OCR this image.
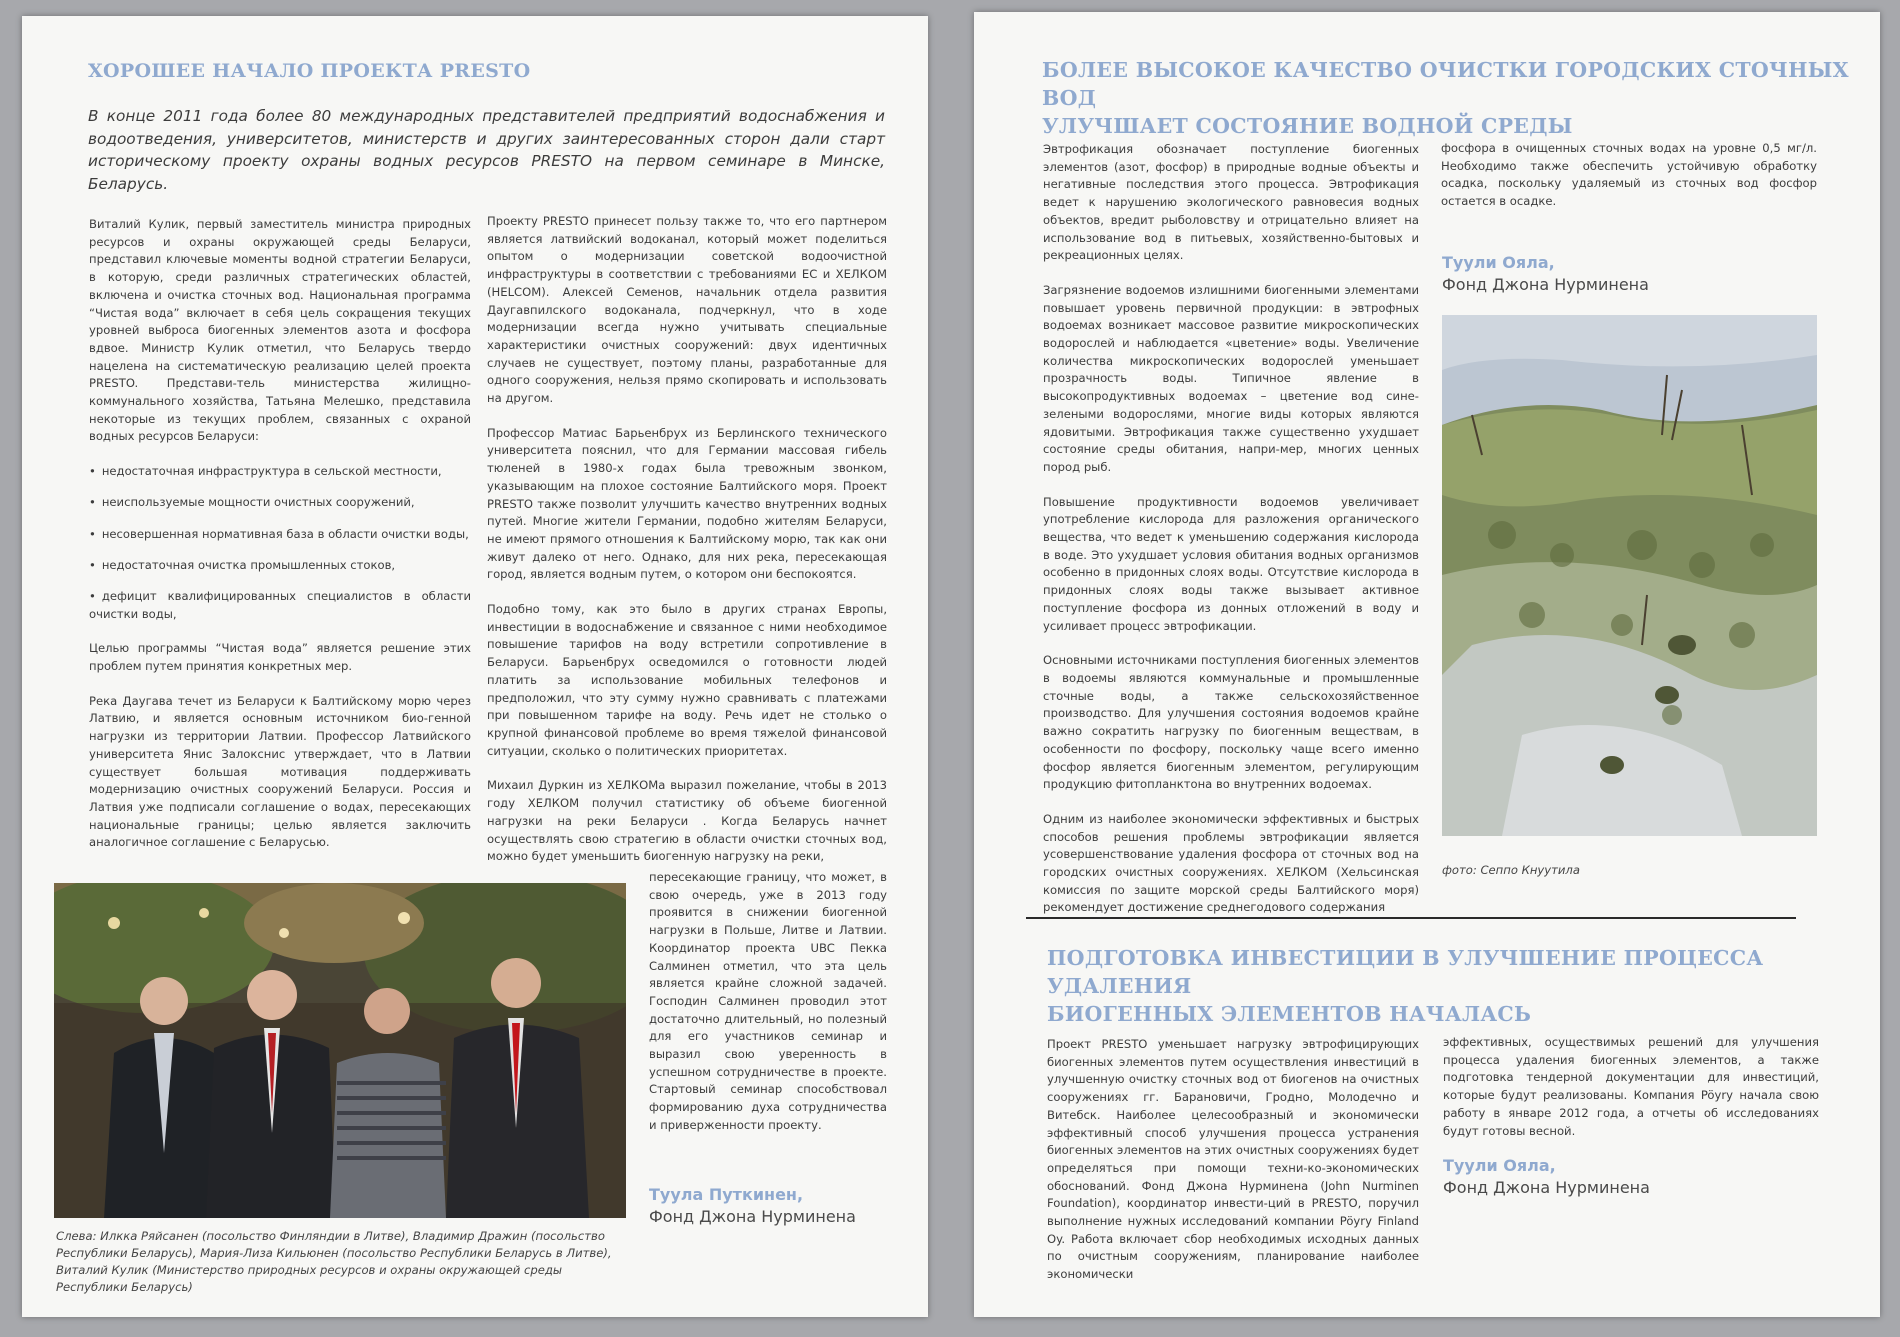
ХОРОШЕЕ НАЧАЛО ПРОЕКТА PRESTO
В конце 2011 года более 80 международных представителей предприятий водоснабжения и водоотведения, университетов, министерств и других заинтересованных сторон дали старт историческому проекту охраны водных ресурсов PRESTO на первом семинаре в Минске, Беларусь.

Виталий Кулик, первый заместитель министра природных ресурсов и охраны окружающей среды Беларуси, представил ключевые моменты водной стратегии Беларуси, в которую, среди различных стратегических областей, включена и очистка сточных вод. Национальная программа “Чистая вода” включает в себя цель сокращения текущих уровней выброса биогенных элементов азота и фосфора вдвое. Министр Кулик отметил, что Беларусь твердо нацелена на систематическую реализацию целей проекта PRESTO. Представи-тель министерства жилищно-коммунального хозяйства, Татьяна Мелешко, представила некоторые из текущих проблем, связанных с охраной водных ресурсов Беларуси:

• недостаточная инфраструктура в сельской местности,
• неиспользуемые мощности очистных сооружений,
• несовершенная нормативная база в области очистки воды,
• недостаточная очистка промышленных стоков,
• дефицит квалифицированных специалистов в области очистки воды,

Целью программы “Чистая вода” является решение этих проблем путем принятия конкретных мер.

Река Даугава течет из Беларуси к Балтийскому морю через Латвию, и является основным источником био-генной нагрузки из территории Латвии. Профессор Латвийского университета Янис Залокснис утверждает, что в Латвии существует большая мотивация поддерживать модернизацию очистных сооружений Беларуси. Россия и Латвия уже подписали соглашение о водах, пересекающих национальные границы; целью является заключить аналогичное соглашение с Беларусью.

Проекту PRESTO принесет пользу также то, что его партнером является латвийский водоканал, который может поделиться опытом о модернизации советской водоочистной инфраструктуры в соответствии с требованиями ЕС и ХЕЛКОМ (HELCOM). Алексей Семенов, начальник отдела развития Даугавпилского водоканала, подчеркнул, что в ходе модернизации всегда нужно учитывать специальные характеристики очистных сооружений: двух идентичных случаев не существует, поэтому планы, разработанные для одного сооружения, нельзя прямо скопировать и использовать на другом.

Профессор Матиас Барьенбрух из Берлинского технического университета пояснил, что для Германии массовая гибель тюленей в 1980-х годах была тревожным звонком, указывающим на плохое состояние Балтийского моря. Проект PRESTO также позволит улучшить качество внутренних водных путей. Многие жители Германии, подобно жителям Беларуси, не имеют прямого отношения к Балтийскому морю, так как они живут далеко от него. Однако, для них река, пересекающая город, является водным путем, о котором они беспокоятся.

Подобно тому, как это было в других странах Европы, инвестиции в водоснабжение и связанное с ними необходимое повышение тарифов на воду встретили сопротивление в Беларуси. Барьенбрух осведомился о готовности людей платить за использование мобильных телефонов и предположил, что эту сумму нужно сравнивать с платежами при повышенном тарифе на воду. Речь идет не столько о крупной финансовой проблеме во время тяжелой финансовой ситуации, сколько о политических приоритетах.

Михаил Дуркин из ХЕЛКОМа выразил пожелание, чтобы в 2013 году ХЕЛКОМ получил статистику об объеме биогенной нагрузки на реки Беларуси . Когда Беларусь начнет осуществлять свою стратегию в области очистки сточных вод, можно будет уменьшить биогенную нагрузку на реки,

пересекающие границу, что может, в свою очередь, уже в 2013 году проявится в снижении биогенной нагрузки в Польше, Литве и Латвии. Координатор проекта UBC Пекка Салминен отметил, что эта цель является крайне сложной задачей. Господин Салминен проводил этот достаточно длительный, но полезный для его участников семинар и выразил свою уверенность в успешном сотрудничестве в проекте. Стартовый семинар способствовал формированию духа сотрудничества и приверженности проекту.

Туула Путкинен,
Фонд Джона Нурминена
Слева: Илкка Ряйсанен (посольство Финляндии в Литве), Владимир Дражин (посольство Республики Беларусь), Мария-Лиза Кильюнен (посольство Республики Беларусь в Литве), Виталий Кулик (Министерство природных ресурсов и охраны окружающей среды Республики Беларусь)
БОЛЕЕ ВЫСОКОЕ КАЧЕСТВО ОЧИСТКИ ГОРОДСКИХ СТОЧНЫХ ВОД
УЛУЧШАЕТ СОСТОЯНИЕ ВОДНОЙ СРЕДЫ

Эвтрофикация обозначает поступление биогенных элементов (азот, фосфор) в природные водные объекты и негативные последствия этого процесса. Эвтрофикация ведет к нарушению экологического равновесия водных объектов, вредит рыболовству и отрицательно влияет на использование вод в питьевых, хозяйственно-бытовых и рекреационных целях.

Загрязнение водоемов излишними биогенными элементами повышает уровень первичной продукции: в эвтрофных водоемах возникает массовое развитие микроскопических водорослей и наблюдается «цветение» воды. Увеличение количества микроскопических водорослей уменьшает прозрачность воды. Типичное явление в высокопродуктивных водоемах – цветение вод сине-зелеными водорослями, многие виды которых являются ядовитыми. Эвтрофикация также существенно ухудшает состояние среды обитания, напри-мер, многих ценных пород рыб.

Повышение продуктивности водоемов увеличивает употребление кислорода для разложения органического вещества, что ведет к уменьшению содержания кислорода в воде. Это ухудшает условия обитания водных организмов особенно в придонных слоях воды. Отсутствие кислорода в придонных слоях воды также вызывает активное поступление фосфора из донных отложений в воду и усиливает процесс эвтрофикации.

Основными источниками поступления биогенных элементов в водоемы являются коммунальные и промышленные сточные воды, а также сельскохозяйственное производство. Для улучшения состояния водоемов крайне важно сократить нагрузку по биогенным веществам, в особенности по фосфору, поскольку чаще всего именно фосфор является биогенным элементом, регулирующим продукцию фитопланктона во внутренних водоемах.

Одним из наиболее экономически эффективных и быстрых способов решения проблемы эвтрофикации является усовершенствование удаления фосфора от сточных вод на городских очистных сооружениях. ХЕЛКОМ (Хельсинская комиссия по защите морской среды Балтийского моря) рекомендует достижение среднегодового содержания

фосфора в очищенных сточных водах на уровне 0,5 мг/л. Необходимо также обеспечить устойчивую обработку осадка, поскольку удаляемый из сточных вод фосфор остается в осадке.

Туули Ояла,
Фонд Джона Нурминена
фото: Сеппо Кнуутила
ПОДГОТОВКА ИНВЕСТИЦИИ В УЛУЧШЕНИЕ ПРОЦЕССА УДАЛЕНИЯ
БИОГЕННЫХ ЭЛЕМЕНТОВ НАЧАЛАСЬ

Проект PRESTO уменьшает нагрузку эвтрофицирующих биогенных элементов путем осуществления инвестиций в улучшенную очистку сточных вод от биогенов на очистных сооружениях гг. Барановичи, Гродно, Молодечно и Витебск. Наиболее целесообразный и экономически эффективный способ улучшения процесса устранения биогенных элементов на этих очистных сооружениях будет определяться при помощи техни-ко-экономических обоснований. Фонд Джона Нурминена (John Nurminen Foundation), координатор инвести-ций в PRESTO, поручил выполнение нужных исследований компании Pöyry Finland Oy. Работа включает сбор необходимых исходных данных по очистным сооружениям, планирование наиболее экономически

эффективных, осуществимых решений для улучшения процесса удаления биогенных элементов, а также подготовка тендерной документации для инвестиций, которые будут реализованы. Компания Pöyry начала свою работу в январе 2012 года, а отчеты об исследованиях будут готовы весной.

Туули Ояла,
Фонд Джона Нурминена
